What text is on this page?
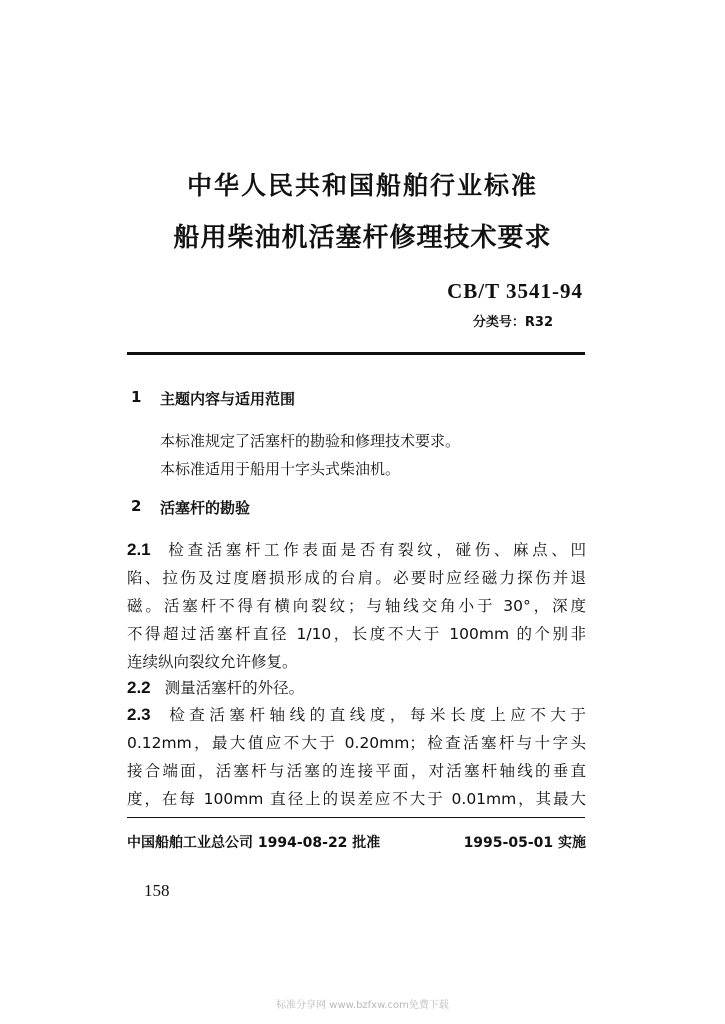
中华人民共和国船舶行业标准
船用柴油机活塞杆修理技术要求
CB/T 3541-94
分类号：R32
1 主题内容与适用范围
本标准规定了活塞杆的勘验和修理技术要求。
本标准适用于船用十字头式柴油机。
2 活塞杆的勘验
2.1 检查活塞杆工作表面是否有裂纹，碰伤、麻点、凹
陷、拉伤及过度磨损形成的台肩。必要时应经磁力探伤并退
磁。活塞杆不得有横向裂纹；与轴线交角小于 30°，深度
不得超过活塞杆直径 1/10，长度不大于 100mm 的个别非
连续纵向裂纹允许修复。
2.2 测量活塞杆的外径。
2.3 检查活塞杆轴线的直线度，每米长度上应不大于
0.12mm，最大值应不大于 0.20mm；检查活塞杆与十字头
接合端面，活塞杆与活塞的连接平面，对活塞杆轴线的垂直
度，在每 100mm 直径上的误差应不大于 0.01mm，其最大
中国船舶工业总公司 1994-08-22 批准	1995-05-01 实施
158
标准分享网 www.bzfxw.com免费下载
